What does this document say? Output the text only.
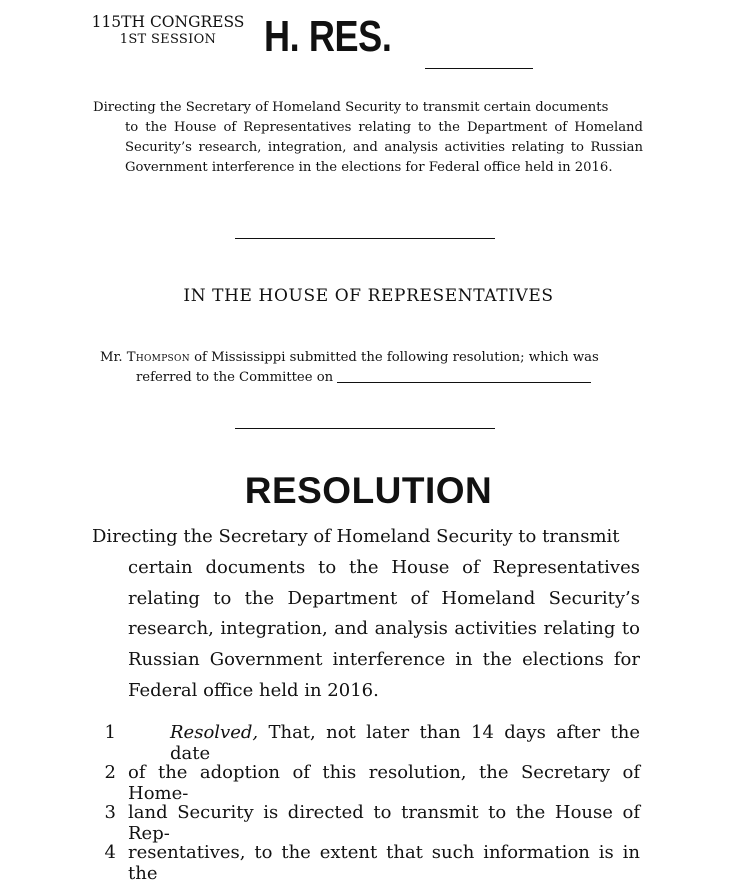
115TH CONGRESS
1ST SESSION	H. RES.
Directing the Secretary of Homeland Security to transmit certain documents
to the House of Representatives relating to the Department of Homeland Security’s research, integration, and analysis activities relating to Russian Government interference in the elections for Federal office held in 2016.
IN THE HOUSE OF REPRESENTATIVES
Mr. Thompson of Mississippi submitted the following resolution; which was
referred to the Committee on
RESOLUTION
Directing the Secretary of Homeland Security to transmit
certain documents to the House of Representatives relating to the Department of Homeland Security’s research, integration, and analysis activities relating to Russian Government interference in the elections for Federal office held in 2016.
1	Resolved, That, not later than 14 days after the date
2 of the adoption of this resolution, the Secretary of Home-
3 land Security is directed to transmit to the House of Rep-
4 resentatives, to the extent that such information is in the
